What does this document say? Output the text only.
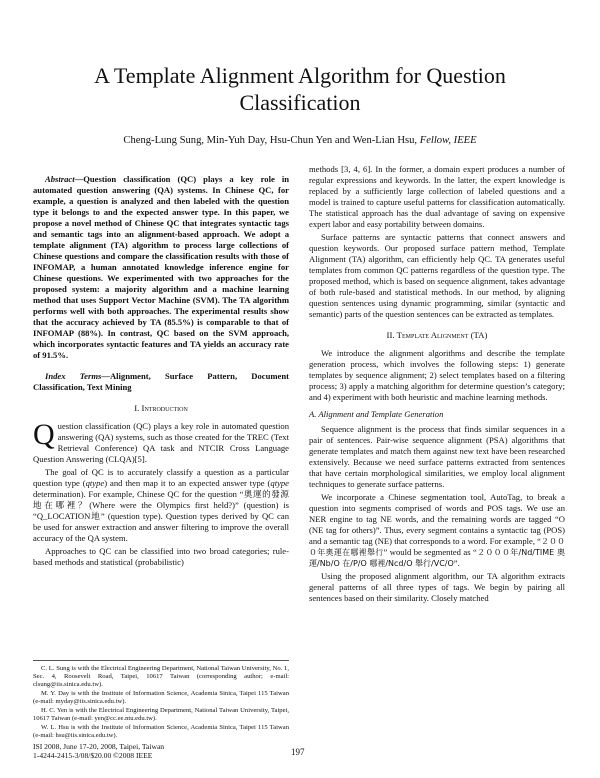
A Template Alignment Algorithm for Question Classification
Cheng-Lung Sung, Min-Yuh Day, Hsu-Chun Yen and Wen-Lian Hsu, Fellow, IEEE

Abstract—Question classification (QC) plays a key role in automated question answering (QA) systems. In Chinese QC, for example, a question is analyzed and then labeled with the question type it belongs to and the expected answer type. In this paper, we propose a novel method of Chinese QC that integrates syntactic tags and semantic tags into an alignment-based approach. We adopt a template alignment (TA) algorithm to process large collections of Chinese questions and compare the classification results with those of INFOMAP, a human annotated knowledge inference engine for Chinese questions. We experimented with two approaches for the proposed system: a majority algorithm and a machine learning method that uses Support Vector Machine (SVM). The TA algorithm performs well with both approaches. The experimental results show that the accuracy achieved by TA (85.5%) is comparable to that of INFOMAP (88%). In contrast, QC based on the SVM approach, which incorporates syntactic features and TA yields an accuracy rate of 91.5%.

Index Terms—Alignment, Surface Pattern, Document Classification, Text Mining

I. Introduction

Question classification (QC) plays a key role in automated question answering (QA) systems, such as those created for the TREC (Text Retrieval Conference) QA task and NTCIR Cross Language Question Answering (CLQA)[5].

The goal of QC is to accurately classify a question as a particular question type (qtype) and then map it to an expected answer type (qtype determination). For example, Chinese QC for the question “奧運的發源地在哪裡？(Where were the Olympics first held?)” (question) is “Q_LOCATION地” (question type). Question types derived by QC can be used for answer extraction and answer filtering to improve the overall accuracy of the QA system.

Approaches to QC can be classified into two broad categories; rule-based methods and statistical (probabilistic)

C. L. Sung is with the Electrical Engineering Department, National Taiwan University, No. 1, Sec. 4, Roosevelt Road, Taipei, 10617 Taiwan (corresponding author; e-mail: clsung@iis.sinica.edu.tw).

M. Y. Day is with the Institute of Information Science, Academia Sinica, Taipei 115 Taiwan (e-mail: myday@iis.sinica.edu.tw).

H. C. Yen is with the Electrical Engineering Department, National Taiwan University, Taipei, 10617 Taiwan (e-mail: yen@cc.ee.ntu.edu.tw).

W. L. Hsu is with the Institute of Information Science, Academia Sinica, Taipei 115 Taiwan (e-mail: hsu@iis.sinica.edu.tw).

ISI 2008, June 17-20, 2008, Taipei, Taiwan
1-4244-2415-3/08/$20.00 ©2008 IEEE	197

methods [3, 4, 6]. In the former, a domain expert produces a number of regular expressions and keywords. In the latter, the expert knowledge is replaced by a sufficiently large collection of labeled questions and a model is trained to capture useful patterns for classification automatically. The statistical approach has the dual advantage of saving on expensive expert labor and easy portability between domains.

Surface patterns are syntactic patterns that connect answers and question keywords. Our proposed surface pattern method, Template Alignment (TA) algorithm, can efficiently help QC. TA generates useful templates from common QC patterns regardless of the question type. The proposed method, which is based on sequence alignment, takes advantage of both rule-based and statistical methods. In our method, by aligning question sentences using dynamic programming, similar (syntactic and semantic) parts of the question sentences can be extracted as templates.

II. Template Alignment (TA)

We introduce the alignment algorithms and describe the template generation process, which involves the following steps: 1) generate templates by sequence alignment; 2) select templates based on a filtering process; 3) apply a matching algorithm for determine question’s category; and 4) experiment with both heuristic and machine learning methods.

A. Alignment and Template Generation

Sequence alignment is the process that finds similar sequences in a pair of sentences. Pair-wise sequence alignment (PSA) algorithms that generate templates and match them against new text have been researched extensively. Because we need surface patterns extracted from sentences that have certain morphological similarities, we employ local alignment techniques to generate surface patterns.

We incorporate a Chinese segmentation tool, AutoTag, to break a question into segments comprised of words and POS tags. We use an NER engine to tag NE words, and the remaining words are tagged “O (NE tag for others)”. Thus, every segment contains a syntactic tag (POS) and a semantic tag (NE) that corresponds to a word. For example, “２０００年奧運在哪裡舉行” would be segmented as “２０００年/Nd/TIME 奧運/Nb/O 在/P/O 哪裡/Ncd/O 舉行/VC/O”.

Using the proposed alignment algorithm, our TA algorithm extracts general patterns of all three types of tags. We begin by pairing all sentences based on their similarity. Closely matched
